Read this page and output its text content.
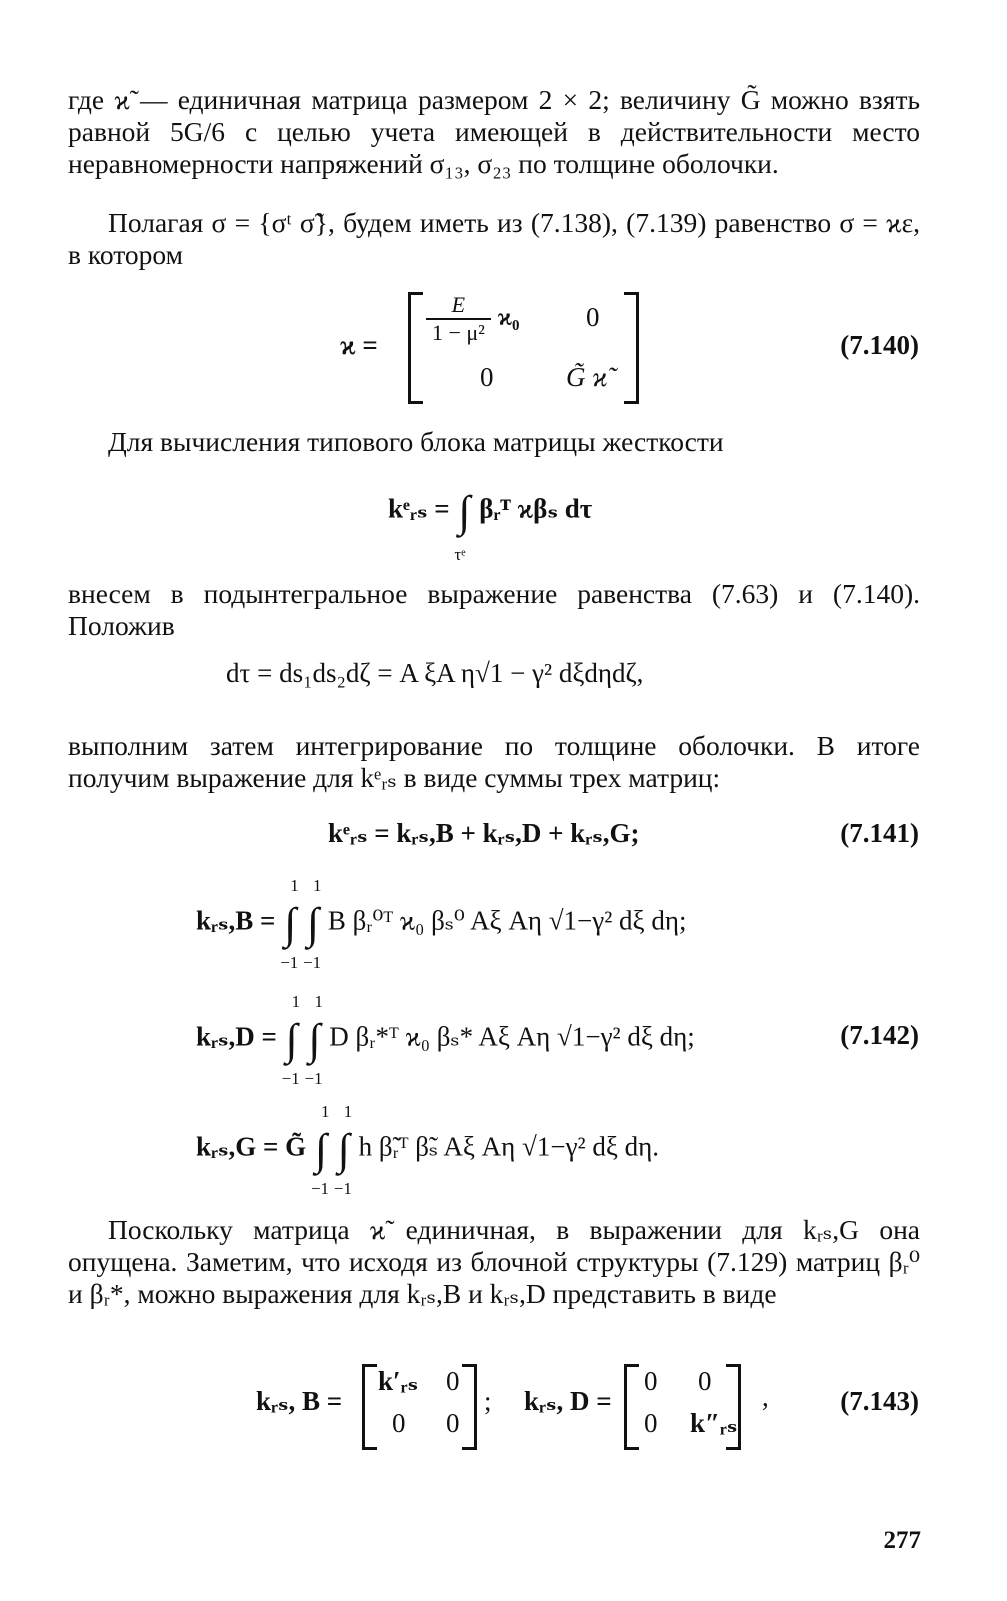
где ϰ̃ — единичная матрица размером 2 × 2; величину G̃ можно взять равной 5G/6 с целью учета имеющей в действительности место неравномерности напряжений σ₁₃, σ₂₃ по толщине оболочки.

Полагая σ = {σᵗ σ̃}, будем иметь из (7.138), (7.139) равенство σ = ϰε, в котором

$ϰ = \frac{E}{\text{1 − μ²}} ϰ_0$ 0
0	G̃ ϰ̃
(7.140)

Для вычисления типового блока матрицы жесткости

kᵉᵣₛ = ∫
τᵉ
βᵣᵀ ϰβₛ dτ

внесем в подынтегральное выражение равенства (7.63) и (7.140). Положив

dτ = ds₁ds₂dζ = A ξA η√1 − γ² dξdηdζ,

выполним затем интегрирование по толщине оболочки. В итоге получим выражение для kᵉᵣₛ в виде суммы трех матриц:

kᵉᵣₛ = kᵣₛ,B + kᵣₛ,D + kᵣₛ,G;	(7.141)
kᵣₛ,B = ∫
1
−1
∫
1
−1
B βᵣ⁰ᵀ ϰ₀ βₛ⁰ Aξ Aη √1−γ² dξ dη;
kᵣₛ,D = ∫
1
−1
∫
1
−1
D βᵣ*ᵀ ϰ₀ βₛ* Aξ Aη √1−γ² dξ dη;	(7.142)
kᵣₛ,G = G̃ ∫
1
−1
∫
1
−1
h β̃ᵣᵀ β̃ₛ Aξ Aη √1−γ² dξ dη.

Поскольку матрица ϰ̃ единичная, в выражении для kᵣₛ,G она опущена. Заметим, что исходя из блочной структуры (7.129) матриц βᵣ⁰ и βᵣ*, можно выражения для kᵣₛ,B и kᵣₛ,D представить в виде

kᵣₛ, B =
k′ᵣₛ 0
0 0
; kᵣₛ, D =
0 0
0 k″ᵣₛ
,	(7.143)
277
